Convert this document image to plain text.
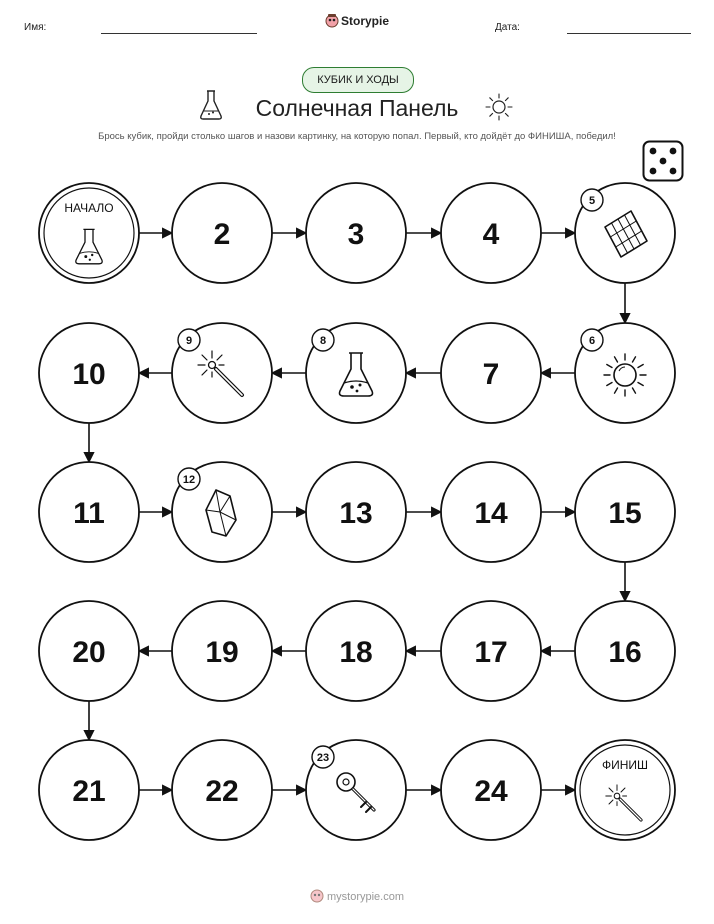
Имя:	Storypie	Дата:
КУБИК И ХОДЫ
Солнечная Панель
Брось кубик, пройди столько шагов и назови картинку, на которую попал. Первый, кто дойдёт до ФИНИША, победил!
НАЧАЛО
2	3	4
5
6
7
8
9
10
11
12
13	14	15
16
17
18
19
20
21	22
23
24
ФИНИШ
mystorypie.com
